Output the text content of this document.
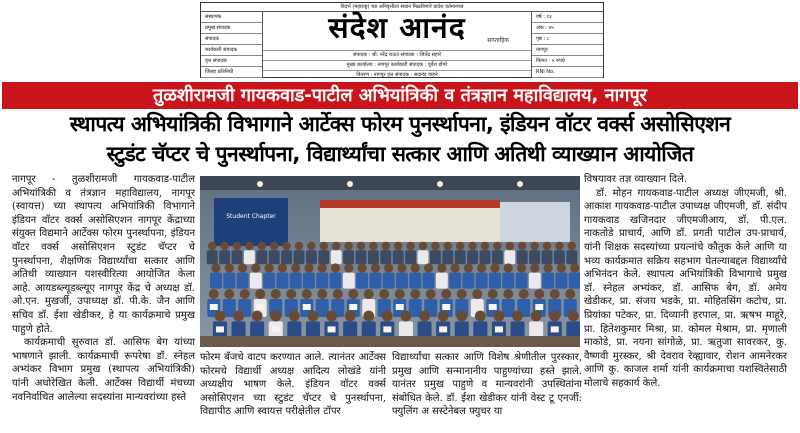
विदर्भ (महाराष्ट्र) च्या अनिवृत्तीला संधान मिळविणारे प्रादेश वर्तमानपत्र
संस्थापक
प्रमुख संपादक
संपादक
कार्यकारी संपादक
वृत्त संपादक
जिल्हा प्रतिनिधी
संदेश आनंद	साप्ताहिक
संपादक : श्री. नरेंद्र राऊत संपादक : जितेंद्र सहारे
मुख्य कार्यालय : नागपूर कार्यकारी संपादक : पूर्वेश डोंगरे
वितरण : नागपूर वृत्त संपादक : सदानंद वाहने
वर्ष : १३
अंक : ४५
पृष्ठ : ८
नागपूर
किंमत : ५ रुपये
RNI No.
तुळशीरामजी गायकवाड-पाटील अभियांत्रिकी व तंत्रज्ञान महाविद्यालय, नागपूर
स्थापत्य अभियांत्रिकी विभागाने आर्टेक्स फोरम पुनर्स्थापना, इंडियन वॉटर वर्क्स असोसिएशन
स्टुडंट चॅप्टर चे पुनर्स्थापना, विद्यार्थ्यांचा सत्कार आणि अतिथी व्याख्यान आयोजित

नागपूर - तुळशीरामजी गायकवाड-पाटील अभियांत्रिकी व तंत्रज्ञान महाविद्यालय, नागपूर (स्वायत्त) च्या स्थापत्य अभियांत्रिकी विभागाने इंडियन वॉटर वर्क्स असोसिएशन नागपूर केंद्राच्या संयुक्त विद्यमाने आर्टेक्स फोरम पुनर्स्थापना, इंडियन वॉटर वर्क्स असोसिएशन स्टुडंट चॅप्टर चे पुनर्स्थापना, शैक्षणिक विद्यार्थ्यांचा सत्कार आणि अतिथी व्याख्यान यशस्वीरित्या आयोजित केला आहे. आयडब्ल्यूडब्ल्यूए नागपूर केंद्र चे अध्यक्ष डॉ. ओ.एन. मुखर्जी, उपाध्यक्ष डॉ. पी.के. जैन आणि सचिव डॉ. ईशा खेडीकर, हे या कार्यक्रमाचे प्रमुख पाहुणे होते.

कार्यक्रमाची सुरुवात डॉ. आसिफ बेग यांच्या भाषणाने झाली. कार्यक्रमाची रूपरेषा डॉ. स्नेहल अभ्यंकर विभाग प्रमुख (स्थापत्य अभियांत्रिकी) यांनी अधोरेखित केली. आर्टेक्स विद्यार्थी मंचच्या नवनिर्वाचित आलेल्या सदस्यांना मान्यवरांच्या हस्ते

Student Chapter

फोरम बॅजचे वाटप करण्यात आले. त्यानंतर आर्टेक्स फोरमचे विद्यार्थी अध्यक्ष आदित्य लोखंडे यांनी अध्यक्षीय भाषण केले. इंडियन वॉटर वर्क्स असोसिएशन च्या स्टुडंट चॅप्टर चे पुनर्स्थापना, विद्यापीठ आणि स्वायत्त परीक्षेतील टॉपर

विद्यार्थ्यांचा सत्कार आणि विशेष श्रेणीतील पुरस्कार, प्रमुख आणि सन्मानानीय पाहुण्यांच्या हस्ते झाले. यानंतर प्रमुख पाहुणे व मान्यवरांनी उपस्थितांना संबोधित केले. डॉ. ईशा खेडीकर यांनी वेस्ट टू एनर्जी: फ्युलिंग अ सस्टेनेबल फ्युचर या

विषयावर तज्ञ व्याख्यान दिले.

डॉ. मोहन गायकवाड-पाटील अध्यक्ष जीएमजी, श्री. आकाश गायकवाड-पाटील उपाध्यक्ष जीएमजी, डॉ. संदीप गायकवाड खजिनदार जीएमजीआय, डॉ. पी.एल. नाकतोडे प्राचार्य, आणि डॉ. प्रगती पाटील उप-प्राचार्य, यांनी शिक्षक सदस्यांच्या प्रयत्नांचे कौतुक केले आणि या भव्य कार्यक्रमात सक्रिय सहभाग घेतल्याबद्दल विद्यार्थ्यांचे अभिनंदन केले. स्थापत्य अभियांत्रिकी विभागाचे प्रमुख डॉ. स्नेहल अभ्यंकर, डॉ. आसिफ बेग, डॉ. अमेय खेडीकर, प्रा. संजय भडके, प्रा. मोहितसिंग कटोच, प्रा. प्रियांका पटेकर, प्रा. दिव्यानी हरपाल, प्रा. ऋषभ माहूरे, प्रा. हितेशकुमार मिश्रा, प्रा. कोमल मेश्राम, प्रा. मृणाली माकोडे, प्रा. नयना सांगोळे, प्रा. ऋतुजा सावरकर, कु. वैष्णवी मुरस्कर, श्री देवराव रेव्ह्यावार, रोशन आमनेरकर आणि कु. काजल शर्मा यांनी कार्यक्रमाचा यशस्वितेसाठी मोलाचे सहकार्य केले.
